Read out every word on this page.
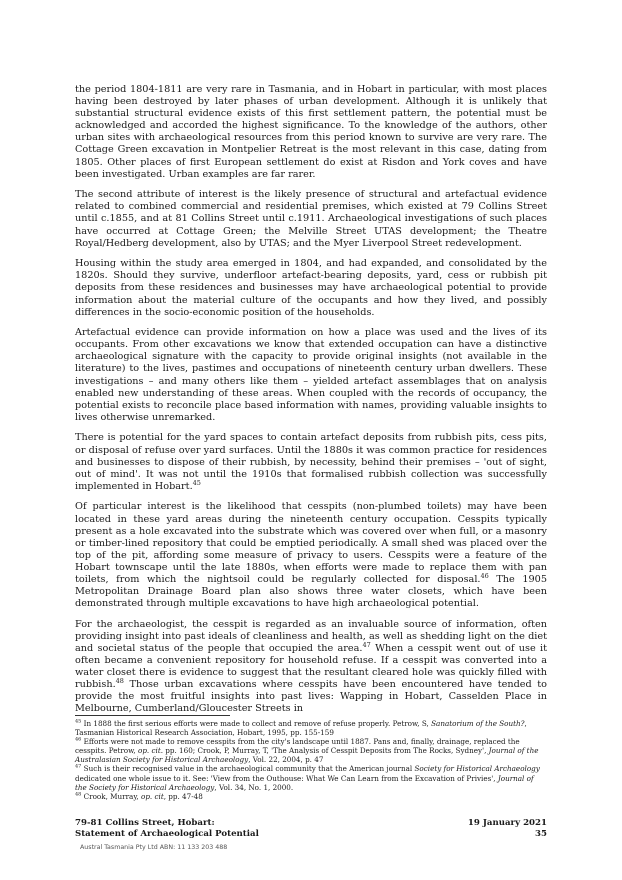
the period 1804-1811 are very rare in Tasmania, and in Hobart in particular, with most places having been destroyed by later phases of urban development. Although it is unlikely that substantial structural evidence exists of this first settlement pattern, the potential must be acknowledged and accorded the highest significance. To the knowledge of the authors, other urban sites with archaeological resources from this period known to survive are very rare. The Cottage Green excavation in Montpelier Retreat is the most relevant in this case, dating from 1805. Other places of first European settlement do exist at Risdon and York coves and have been investigated. Urban examples are far rarer.

The second attribute of interest is the likely presence of structural and artefactual evidence related to combined commercial and residential premises, which existed at 79 Collins Street until c.1855, and at 81 Collins Street until c.1911. Archaeological investigations of such places have occurred at Cottage Green; the Melville Street UTAS development; the Theatre Royal/Hedberg development, also by UTAS; and the Myer Liverpool Street redevelopment.

Housing within the study area emerged in 1804, and had expanded, and consolidated by the 1820s. Should they survive, underfloor artefact-bearing deposits, yard, cess or rubbish pit deposits from these residences and businesses may have archaeological potential to provide information about the material culture of the occupants and how they lived, and possibly differences in the socio-economic position of the households.

Artefactual evidence can provide information on how a place was used and the lives of its occupants. From other excavations we know that extended occupation can have a distinctive archaeological signature with the capacity to provide original insights (not available in the literature) to the lives, pastimes and occupations of nineteenth century urban dwellers. These investigations – and many others like them – yielded artefact assemblages that on analysis enabled new understanding of these areas. When coupled with the records of occupancy, the potential exists to reconcile place based information with names, providing valuable insights to lives otherwise unremarked.

There is potential for the yard spaces to contain artefact deposits from rubbish pits, cess pits, or disposal of refuse over yard surfaces. Until the 1880s it was common practice for residences and businesses to dispose of their rubbish, by necessity, behind their premises – 'out of sight, out of mind'. It was not until the 1910s that formalised rubbish collection was successfully implemented in Hobart.$^{45}$

Of particular interest is the likelihood that cesspits (non-plumbed toilets) may have been located in these yard areas during the nineteenth century occupation. Cesspits typically present as a hole excavated into the substrate which was covered over when full, or a masonry or timber-lined repository that could be emptied periodically. A small shed was placed over the top of the pit, affording some measure of privacy to users. Cesspits were a feature of the Hobart townscape until the late 1880s, when efforts were made to replace them with pan toilets, from which the nightsoil could be regularly collected for disposal.$^{46}$ The 1905 Metropolitan Drainage Board plan also shows three water closets, which have been demonstrated through multiple excavations to have high archaeological potential.

For the archaeologist, the cesspit is regarded as an invaluable source of information, often providing insight into past ideals of cleanliness and health, as well as shedding light on the diet and societal status of the people that occupied the area.$^{47}$ When a cesspit went out of use it often became a convenient repository for household refuse. If a cesspit was converted into a water closet there is evidence to suggest that the resultant cleared hole was quickly filled with rubbish.$^{48}$ Those urban excavations where cesspits have been encountered have tended to provide the most fruitful insights into past lives: Wapping in Hobart, Casselden Place in Melbourne, Cumberland/Gloucester Streets in

$^{45}$ In 1888 the first serious efforts were made to collect and remove of refuse properly. Petrow, S, Sanatorium of the South?, Tasmanian Historical Research Association, Hobart, 1995, pp. 155-159

$^{46}$ Efforts were not made to remove cesspits from the city's landscape until 1887. Pans and, finally, drainage, replaced the cesspits. Petrow, op. cit. pp. 160; Crook, P, Murray, T, 'The Analysis of Cesspit Deposits from The Rocks, Sydney', Journal of the Australasian Society for Historical Archaeology, Vol. 22, 2004, p. 47

$^{47}$ Such is their recognised value in the archaeological community that the American journal Society for Historical Archaeology dedicated one whole issue to it. See: 'View from the Outhouse: What We Can Learn from the Excavation of Privies', Journal of the Society for Historical Archaeology, Vol. 34, No. 1, 2000.

$^{48}$ Crook, Murray, op. cit, pp. 47-48

79-81 Collins Street, Hobart:
Statement of Archaeological Potential
19 January 2021
35
Austral Tasmania Pty Ltd ABN: 11 133 203 488
